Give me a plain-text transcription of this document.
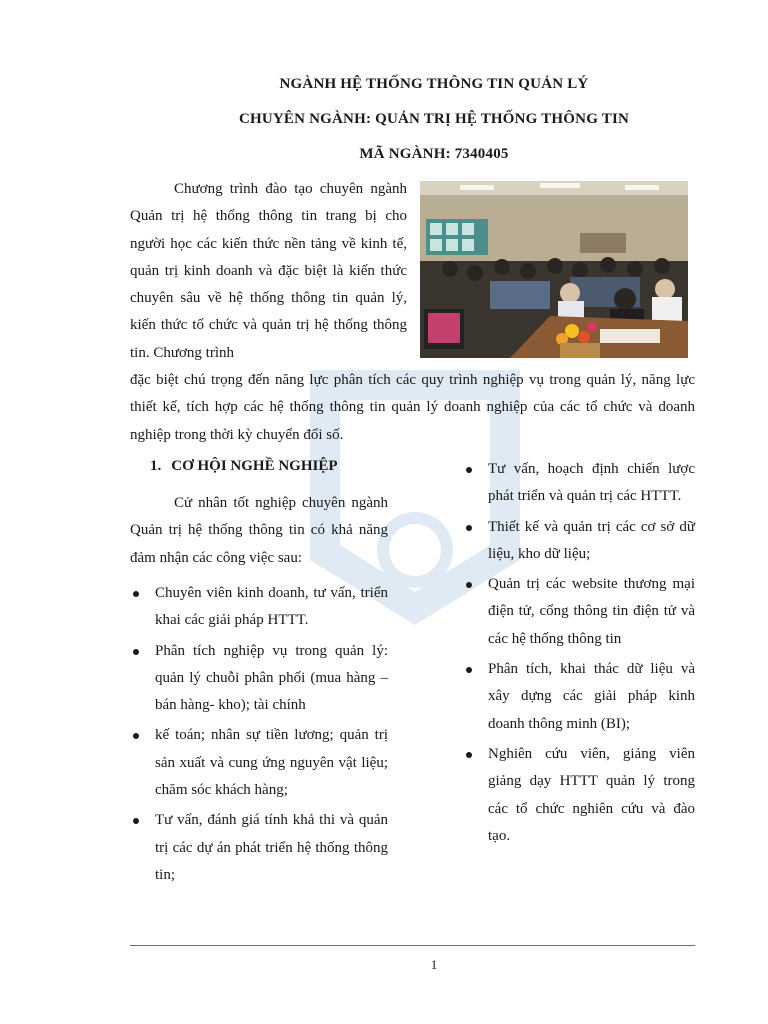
NGÀNH HỆ THỐNG THÔNG TIN QUẢN LÝ
CHUYÊN NGÀNH: QUẢN TRỊ HỆ THỐNG THÔNG TIN
MÃ NGÀNH: 7340405
Chương trình đào tạo chuyên ngành Quản trị hệ thống thông tin trang bị cho người học các kiến thức nền tảng về kinh tế, quản trị kinh doanh và đặc biệt là kiến thức chuyên sâu về hệ thống thông tin quản lý, kiến thức tổ chức và quản trị hệ thống thông tin. Chương trình
đặc biệt chú trọng đến năng lực phân tích các quy trình nghiệp vụ trong quản lý, năng lực thiết kế, tích hợp các hệ thống thông tin quản lý doanh nghiệp của các tổ chức và doanh nghiệp trong thời kỳ chuyển đổi số.
1. CƠ HỘI NGHỀ NGHIỆP
Cử nhân tốt nghiệp chuyên ngành Quản trị hệ thống thông tin có khả năng đảm nhận các công việc sau:
Chuyên viên kinh doanh, tư vấn, triển khai các giải pháp HTTT.
Phân tích nghiệp vụ trong quản lý: quản lý chuỗi phân phối (mua hàng – bán hàng- kho); tài chính
kế toán; nhân sự tiền lương; quản trị sản xuất và cung ứng nguyên vật liệu; chăm sóc khách hàng;
Tư vấn, đánh giá tính khả thi và quản trị các dự án phát triển hệ thống thông tin;
Tư vấn, hoạch định chiến lược phát triển và quản trị các HTTT.
Thiết kế và quản trị các cơ sở dữ liệu, kho dữ liệu;
Quản trị các website thương mại điện tử, cổng thông tin điện tử và các hệ thống thông tin
Phân tích, khai thác dữ liệu và xây dựng các giải pháp kinh doanh thông minh (BI);
Nghiên cứu viên, giảng viên giảng dạy HTTT quản lý trong các tổ chức nghiên cứu và đào tạo.
1
